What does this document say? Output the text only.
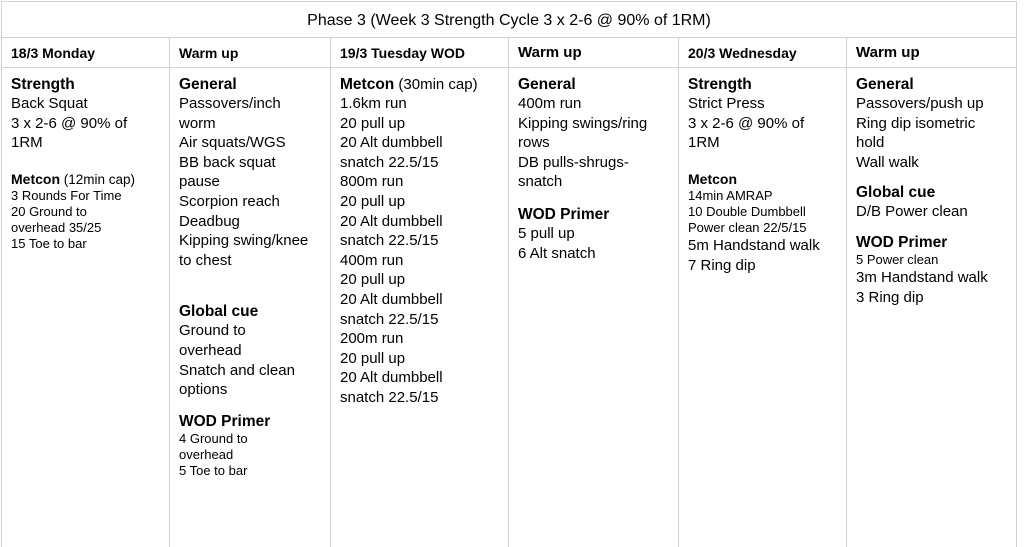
Phase 3 (Week 3 Strength Cycle 3 x 2-6 @ 90% of 1RM)
18/3 Monday
Strength
Back Squat
3 x 2-6 @ 90% of
1RM
Metcon (12min cap)
3 Rounds For Time
20 Ground to
overhead 35/25
15 Toe to bar
Warm up
General
Passovers/inch
worm
Air squats/WGS
BB back squat
pause
Scorpion reach
Deadbug
Kipping swing/knee
to chest
Global cue
Ground to
overhead
Snatch and clean
options
WOD Primer
4 Ground to
overhead
5 Toe to bar
19/3 Tuesday WOD
Metcon (30min cap)
1.6km run
20 pull up
20 Alt dumbbell
snatch 22.5/15
800m run
20 pull up
20 Alt dumbbell
snatch 22.5/15
400m run
20 pull up
20 Alt dumbbell
snatch 22.5/15
200m run
20 pull up
20 Alt dumbbell
snatch 22.5/15
Warm up
General
400m run
Kipping swings/ring
rows
DB pulls-shrugs-
snatch
WOD Primer
5 pull up
6 Alt snatch
20/3 Wednesday
Strength
Strict Press
3 x 2-6 @ 90% of
1RM
Metcon
14min AMRAP
10 Double Dumbbell
Power clean 22/5/15
5m Handstand walk
7 Ring dip
Warm up
General
Passovers/push up
Ring dip isometric
hold
Wall walk
Global cue
D/B Power clean
WOD Primer
5 Power clean
3m Handstand walk
3 Ring dip
